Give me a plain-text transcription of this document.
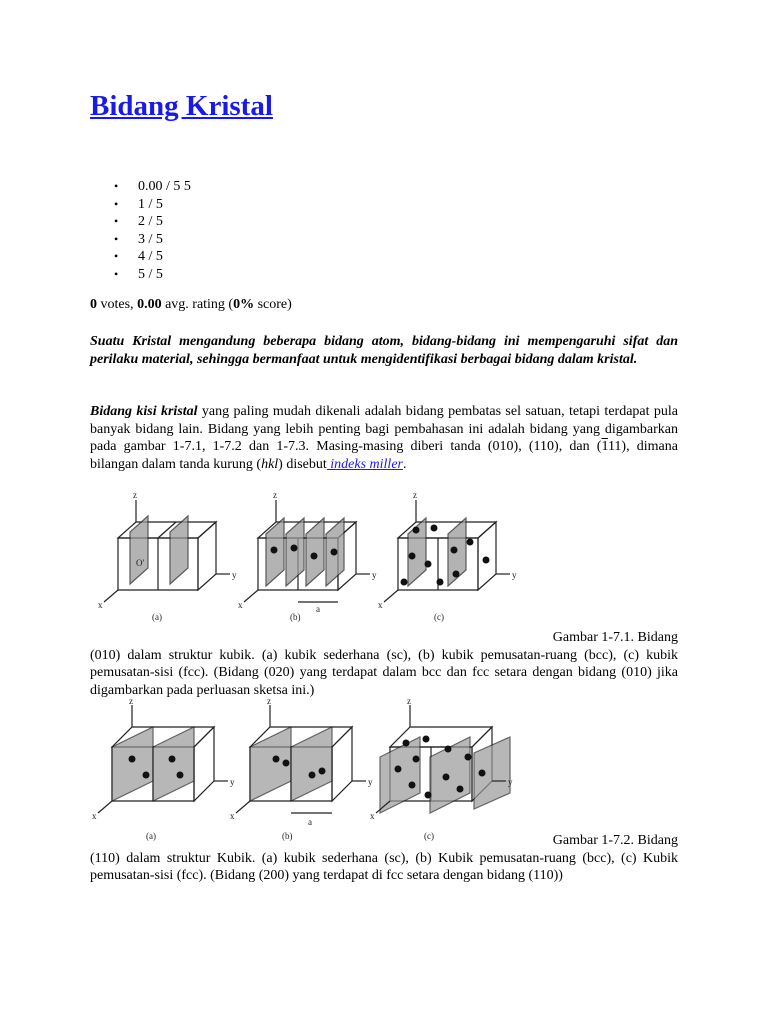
Bidang Kristal
• 0.00 / 5 5
• 1 / 5
• 2 / 5
• 3 / 5
• 4 / 5
• 5 / 5
0 votes, 0.00 avg. rating (0% score)

Suatu Kristal mengandung beberapa bidang atom, bidang-bidang ini mempengaruhi sifat dan perilaku material, sehingga bermanfaat untuk mengidentifikasi berbagai bidang dalam kristal.

Bidang kisi kristal yang paling mudah dikenali adalah bidang pembatas sel satuan, tetapi terdapat pula banyak bidang lain. Bidang yang lebih penting bagi pembahasan ini adalah bidang yang digambarkan pada gambar 1-7.1, 1-7.2 dan 1-7.3. Masing-masing diberi tanda (010), (110), dan (111), dimana bilangan dalam tanda kurung (hkl) disebut indeks miller.

z
x
y
O'
z
x
y
a
z
x
y
(a)	(b)	(c)

Gambar 1-7.1. Bidang
(010) dalam struktur kubik. (a) kubik sederhana (sc), (b) kubik pemusatan-ruang (bcc), (c) kubik pemusatan-sisi (fcc). (Bidang (020) yang terdapat dalam bcc dan fcc setara dengan bidang (010) jika digambarkan pada perluasan sketsa ini.)

z
x
y
z
x
y
a
z
x
y
(a)	(b)	(c)	Gambar 1-7.2. Bidang
(110) dalam struktur Kubik. (a) kubik sederhana (sc), (b) Kubik pemusatan-ruang (bcc), (c) Kubik pemusatan-sisi (fcc). (Bidang (200) yang terdapat di fcc setara dengan bidang (110))
